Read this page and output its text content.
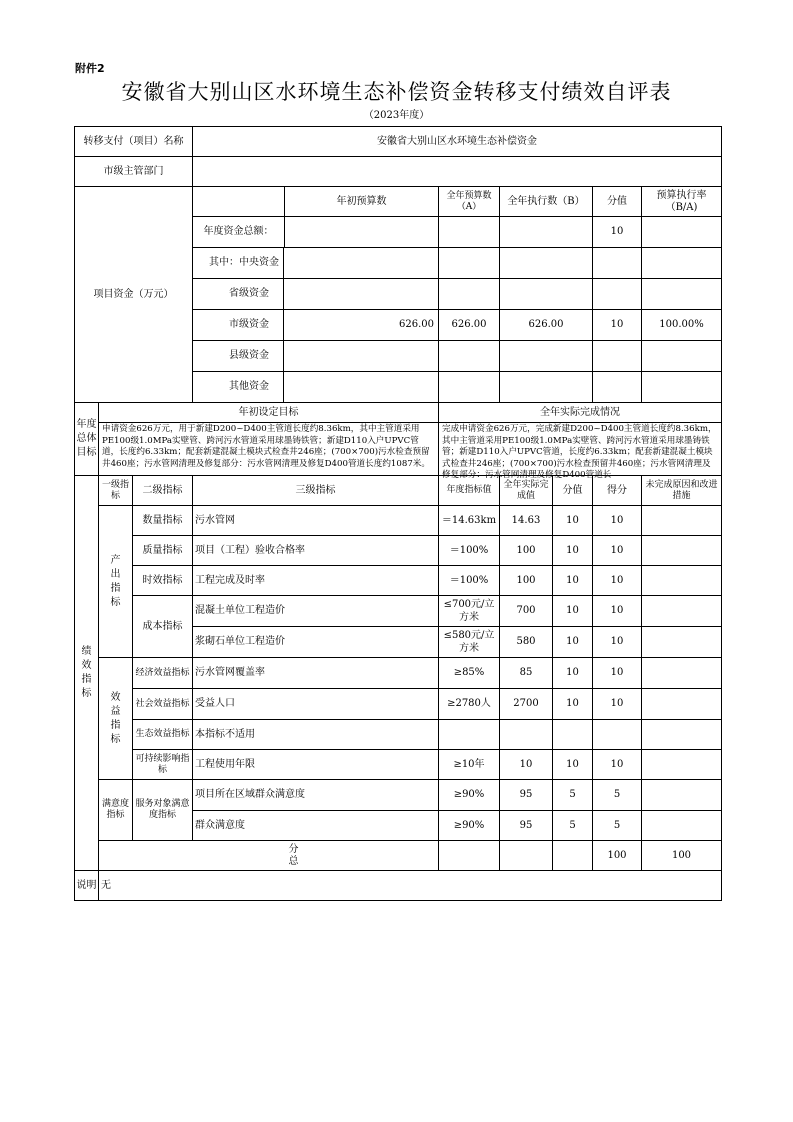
附件2
安徽省大别山区水环境生态补偿资金转移支付绩效自评表
（2023年度）
转移支付（项目）名称			安徽省大别山区水环境生态补偿资金						
市级主管部门									
项目资金（万元）			年初预算数	全年预算数（A）	全年执行数（B）		分值	预算执行率（B/A)	

年度资金总额：				10		

其中：中央资金						

省级资金						

市级资金 626.00	626.00	626.00		10	100.00%	

县级资金						

其他资金						

年度总体目标	年初设定目标			全年实际完成情况					

	申请资金626万元，用于新建D200~D400主管道长度约8.36km，其中主管道采用PE100级1.0MPa实壁管、跨河污水管道采用球墨铸铁管；新建D110入户UPVC管道，长度约6.33km；配套新建混凝土模块式检查井246座；(700×700)污水检查预留井460座；污水管网清理及修复部分：污水管网清理及修复D400管道长度约1087米。			完成申请资金626万元，完成新建D200~D400主管道长度约8.36km，其中主管道采用PE100级1.0MPa实壁管、跨河污水管道采用球墨铸铁管；新建D110入户UPVC管道，长度约6.33km；配套新建混凝土模块式检查井246座；(700×700)污水检查预留井460座；污水管网清理及修复部分：污水管网清理及修复D400管道长					

绩效指标	一级指标	二级指标	三级指标	年度指标值	全年实际完成值	分值	得分	未完成原因和改进措施	
	产出指标	数量指标	污水管网	＝14.63km	14.63	10	10		
		质量指标	项目（工程）验收合格率	＝100%	100	10	10		
		时效指标	工程完成及时率	＝100%	100	10	10		
		成本指标	混凝土单位工程造价	≤700元/立方米	700	10	10		
			浆砌石单位工程造价	≤580元/立方米	580	10	10		
	效益指标	经济效益指标	污水管网覆盖率	≥85%	85	10	10		
		社会效益指标	受益人口	≥2780人	2700	10	10		
		生态效益指标	本指标不适用						
		可持续影响指标	工程使用年限	≥10年	10	10	10		
	满意度指标	服务对象满意度指标	项目所在区域群众满意度	≥90%	95	5	5		
			群众满意度	≥90%	95	5	5		
	分总						100	100	
说明	无								
